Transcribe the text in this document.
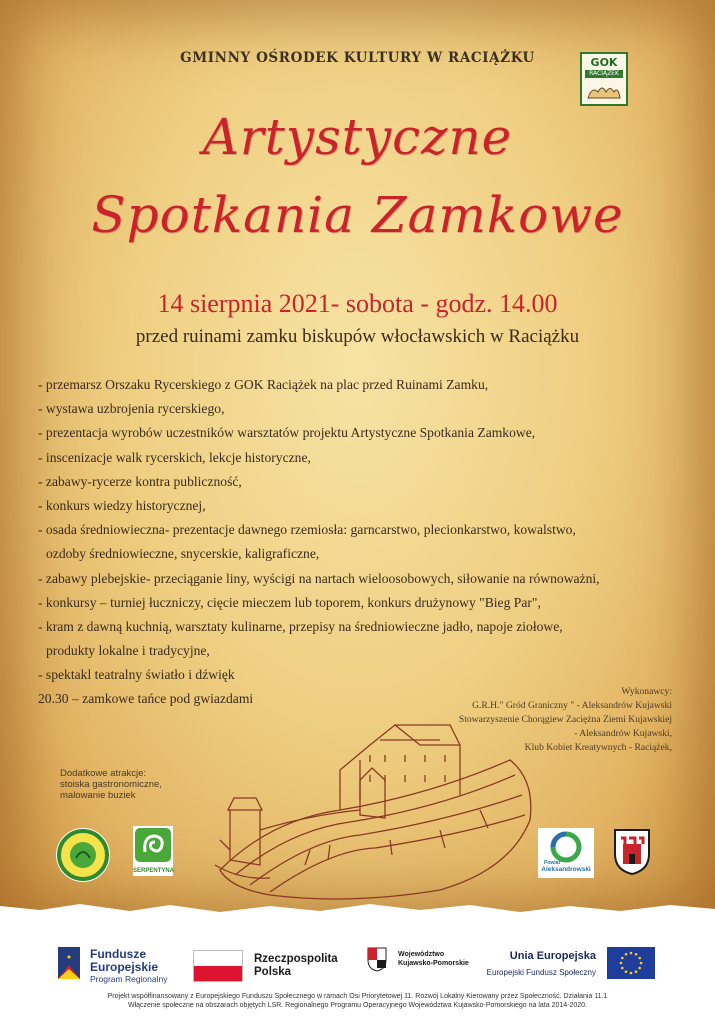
GMINNY OŚRODEK KULTURY W RACIĄŻKU	GOK
RACIĄŻEK
Artystyczne
Spotkania Zamkowe
14 sierpnia 2021- sobota - godz. 14.00
przed ruinami zamku biskupów włocławskich w Raciążku
- przemarsz Orszaku Rycerskiego z GOK Raciążek na plac przed Ruinami Zamku,
- wystawa uzbrojenia rycerskiego,
- prezentacja wyrobów uczestników warsztatów projektu Artystyczne Spotkania Zamkowe,
- inscenizacje walk rycerskich, lekcje historyczne,
- zabawy-rycerze kontra publiczność,
- konkurs wiedzy historycznej,
- osada średniowieczna- prezentacje dawnego rzemiosła: garncarstwo, plecionkarstwo, kowalstwo,
ozdoby średniowieczne, snycerskie, kaligraficzne,
- zabawy plebejskie- przeciąganie liny, wyścigi na nartach wieloosobowych, siłowanie na równoważni,
- konkursy – turniej łuczniczy, cięcie mieczem lub toporem, konkurs drużynowy "Bieg Par",
- kram z dawną kuchnią, warsztaty kulinarne, przepisy na średniowieczne jadło, napoje ziołowe,
produkty lokalne i tradycyjne,
- spektakl teatralny światło i dźwięk
20.30 – zamkowe tańce pod gwiazdami	Wykonawcy:
G.R.H." Gród Graniczny " - Aleksandrów Kujawski
Stowarzyszenie Chorągiew Zaciężna Ziemi Kujawskiej
- Aleksandrów Kujawski,
Klub Kobiet Kreatywnych - Raciążek,
Dodatkowe atrakcje:
stoiska gastronomiczne,
malowanie buziek
SERPENTYNA
Powiat
Aleksandrowski
Fundusze
Europejskie
Program Regionalny
Rzeczpospolita
Polska
Województwo
Kujawsko-Pomorskie
Unia Europejska
Europejski Fundusz Społeczny
Projekt współfinansowany z Europejskiego Funduszu Społecznego w ramach Osi Priorytetowej 11. Rozwój Lokalny Kierowany przez Społeczność. Działania 11.1
Włączenie społeczne na obszarach objętych LSR. Regionalnego Programu Operacyjnego Województwa Kujawsko-Pomorskiego na lata 2014-2020.
